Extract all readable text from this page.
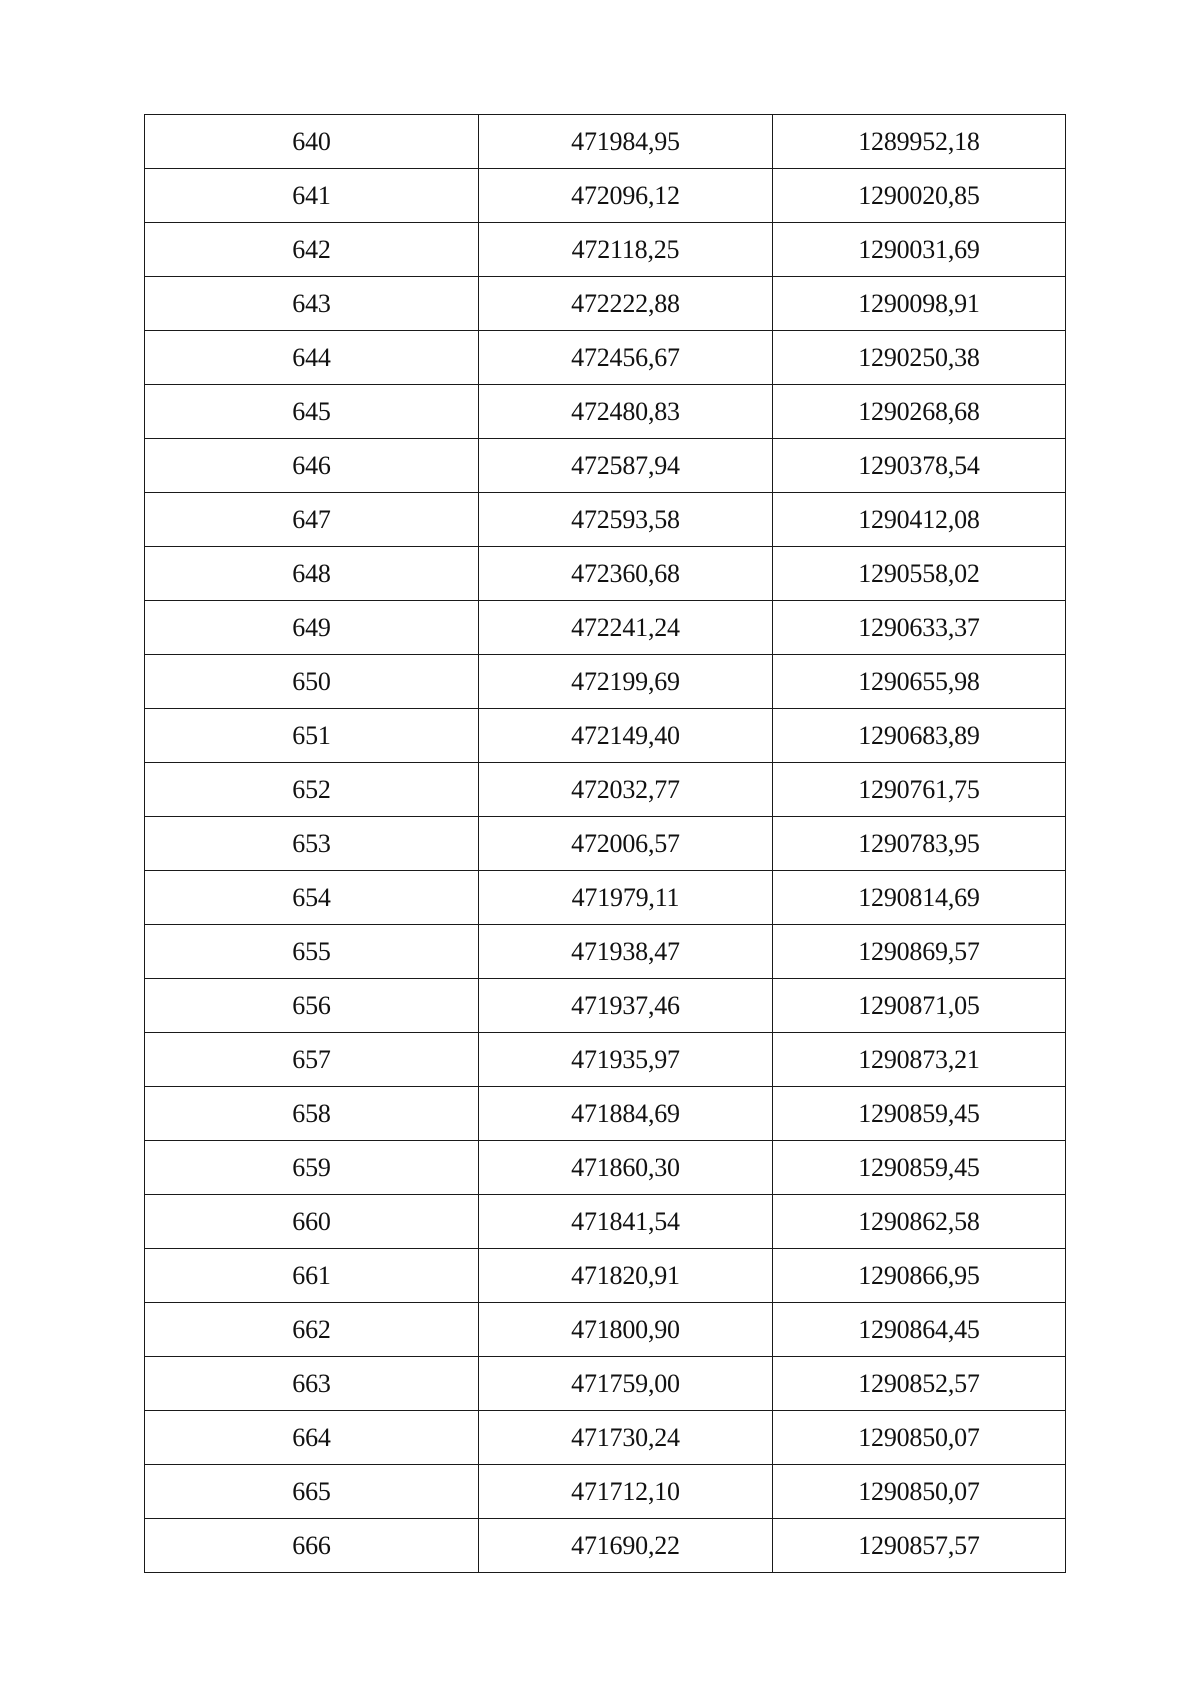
640	471984,95	1289952,18
641	472096,12	1290020,85
642	472118,25	1290031,69
643	472222,88	1290098,91
644	472456,67	1290250,38
645	472480,83	1290268,68
646	472587,94	1290378,54
647	472593,58	1290412,08
648	472360,68	1290558,02
649	472241,24	1290633,37
650	472199,69	1290655,98
651	472149,40	1290683,89
652	472032,77	1290761,75
653	472006,57	1290783,95
654	471979,11	1290814,69
655	471938,47	1290869,57
656	471937,46	1290871,05
657	471935,97	1290873,21
658	471884,69	1290859,45
659	471860,30	1290859,45
660	471841,54	1290862,58
661	471820,91	1290866,95
662	471800,90	1290864,45
663	471759,00	1290852,57
664	471730,24	1290850,07
665	471712,10	1290850,07
666	471690,22	1290857,57
